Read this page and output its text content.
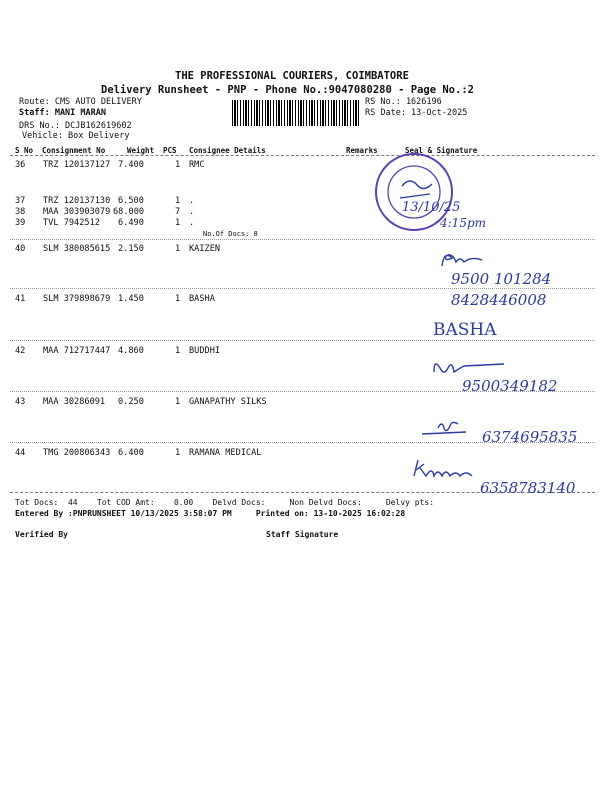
THE PROFESSIONAL COURIERS, COIMBATORE
Delivery Runsheet - PNP - Phone No.:9047080280 - Page No.:2
Route: CMS AUTO DELIVERY
Staff: MANI MARAN
DRS No.: DCJB162619602
Vehicle: Box Delivery
RS No.: 1626196
RS Date: 13-Oct-2025
S No Consignment No	Weight PCS Consignee Details	Remarks	Seal & Signature
36 TRZ 120137127 7.400	1 RMC
37 TRZ 120137130 6.500	1 .
38 MAA 303903079 68.000	7 .
39 TVL 7942512 6.490	1 .
No.Of Docs: 8
40 SLM 380085615 2.150	1 KAIZEN
41 SLM 379898679 1.450	1 BASHA
42 MAA 712717447 4.860	1 BUDDHI
43 MAA 30286091 0.250	1 GANAPATHY SILKS
44 TMG 200806343 6.400	1 RAMANA MEDICAL
13/10/25
4:15pm
9500 101284
8428446008
BASHA
9500349182
6374695835
6358783140
Tot Docs:  44    Tot COD Amt:    0.00    Delvd Docs:     Non Delvd Docs:     Delvy pts:
Entered By :PNPRUNSHEET 10/13/2025 3:58:07 PM     Printed on: 13-10-2025 16:02:28
Verified By	Staff Signature
